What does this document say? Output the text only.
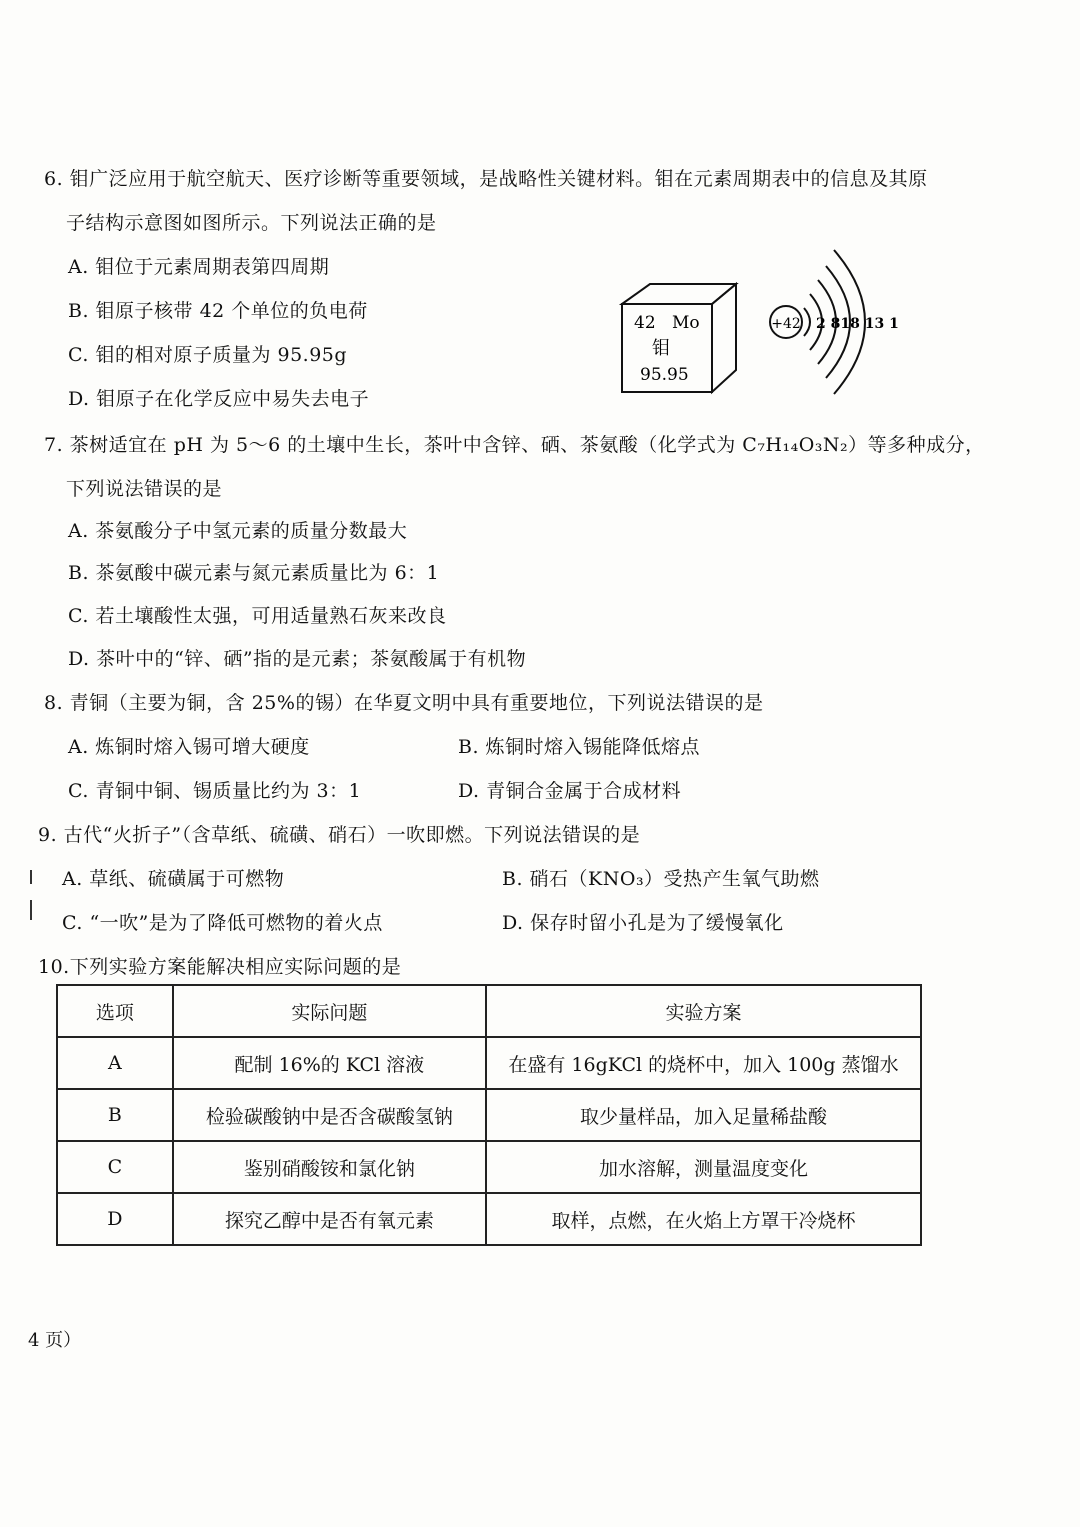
6. 钼广泛应用于航空航天、医疗诊断等重要领域，是战略性关键材料。钼在元素周期表中的信息及其原
子结构示意图如图所示。下列说法正确的是
A. 钼位于元素周期表第四周期
B. 钼原子核带 42 个单位的负电荷
C. 钼的相对原子质量为 95.95g
D. 钼原子在化学反应中易失去电子
42 Mo
钼
95.95
+42 2 818 13 1
7. 茶树适宜在 pH 为 5～6 的土壤中生长，茶叶中含锌、硒、茶氨酸（化学式为 C₇H₁₄O₃N₂）等多种成分，
下列说法错误的是
A. 茶氨酸分子中氢元素的质量分数最大
B. 茶氨酸中碳元素与氮元素质量比为 6：1
C. 若土壤酸性太强，可用适量熟石灰来改良
D. 茶叶中的“锌、硒”指的是元素；茶氨酸属于有机物
8. 青铜（主要为铜，含 25%的锡）在华夏文明中具有重要地位，下列说法错误的是
A. 炼铜时熔入锡可增大硬度	B. 炼铜时熔入锡能降低熔点
C. 青铜中铜、锡质量比约为 3：1	D. 青铜合金属于合成材料
9. 古代“火折子”（含草纸、硫磺、硝石）一吹即燃。下列说法错误的是
A. 草纸、硫磺属于可燃物	B. 硝石（KNO₃）受热产生氧气助燃
C. “一吹”是为了降低可燃物的着火点	D. 保存时留小孔是为了缓慢氧化
10.下列实验方案能解决相应实际问题的是
选项	实际问题	实验方案
A	配制 16%的 KCl 溶液	在盛有 16gKCl 的烧杯中，加入 100g 蒸馏水
B	检验碳酸钠中是否含碳酸氢钠	取少量样品，加入足量稀盐酸
C	鉴别硝酸铵和氯化钠	加水溶解，测量温度变化
D	探究乙醇中是否有氧元素	取样，点燃，在火焰上方罩干冷烧杯
4 页）
